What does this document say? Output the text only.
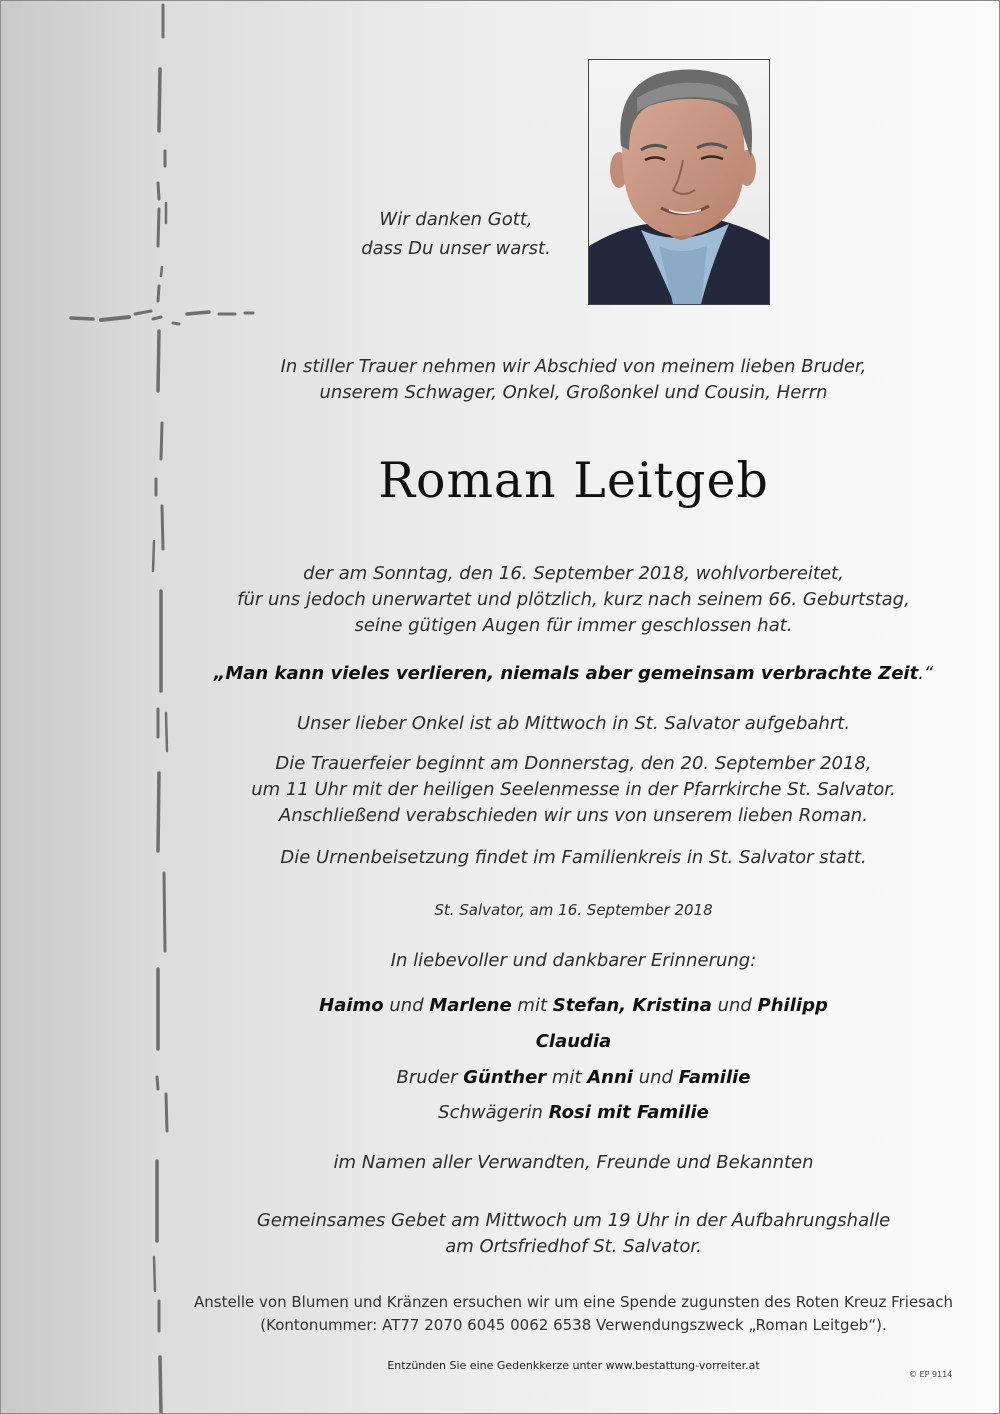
Wir danken Gott,
dass Du unser warst.
In stiller Trauer nehmen wir Abschied von meinem lieben Bruder,
unserem Schwager, Onkel, Großonkel und Cousin, Herrn
Roman Leitgeb
der am Sonntag, den 16. September 2018, wohlvorbereitet,
für uns jedoch unerwartet und plötzlich, kurz nach seinem 66. Geburtstag,
seine gütigen Augen für immer geschlossen hat.
„Man kann vieles verlieren, niemals aber gemeinsam verbrachte Zeit.“
Unser lieber Onkel ist ab Mittwoch in St. Salvator aufgebahrt.
Die Trauerfeier beginnt am Donnerstag, den 20. September 2018,
um 11 Uhr mit der heiligen Seelenmesse in der Pfarrkirche St. Salvator.
Anschließend verabschieden wir uns von unserem lieben Roman.
Die Urnenbeisetzung findet im Familienkreis in St. Salvator statt.
St. Salvator, am 16. September 2018
In liebevoller und dankbarer Erinnerung:
Haimo und Marlene mit Stefan, Kristina und Philipp
Claudia
Bruder Günther mit Anni und Familie
Schwägerin Rosi mit Familie
im Namen aller Verwandten, Freunde und Bekannten
Gemeinsames Gebet am Mittwoch um 19 Uhr in der Aufbahrungshalle
am Ortsfriedhof St. Salvator.
Anstelle von Blumen und Kränzen ersuchen wir um eine Spende zugunsten des Roten Kreuz Friesach
(Kontonummer: AT77 2070 6045 0062 6538 Verwendungszweck „Roman Leitgeb“).
Entzünden Sie eine Gedenkkerze unter www.bestattung-vorreiter.at
© EP 9114
